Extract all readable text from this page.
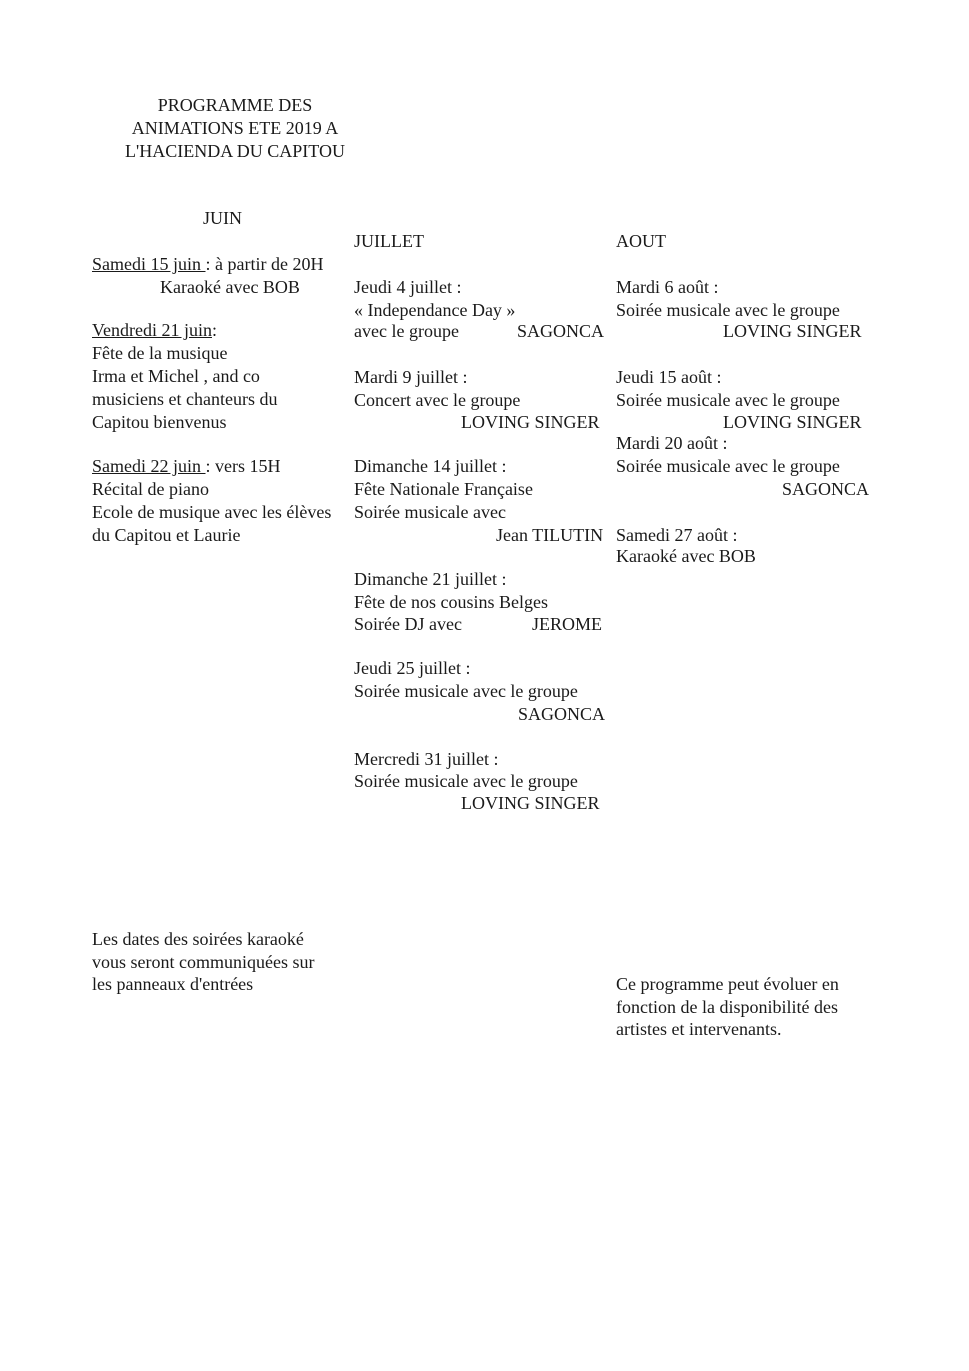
PROGRAMME DES
ANIMATIONS ETE 2019 A
L'HACIENDA DU CAPITOU
JUIN
Samedi 15 juin : à partir de 20H
Karaoké avec BOB
Vendredi 21 juin:
Fête de la musique
Irma et Michel , and co
musiciens et chanteurs du
Capitou bienvenus
Samedi 22 juin : vers 15H
Récital de piano
Ecole de musique avec les élèves
du Capitou et Laurie
JUILLET
Jeudi 4 juillet :
« Independance Day »
avec le groupe	SAGONCA
Mardi 9 juillet :
Concert avec le groupe
LOVING SINGER
Dimanche 14 juillet :
Fête Nationale Française
Soirée musicale avec
Jean TILUTIN
Dimanche 21 juillet :
Fête de nos cousins Belges
Soirée DJ avec	JEROME
Jeudi 25 juillet :
Soirée musicale avec le groupe
SAGONCA
Mercredi 31 juillet :
Soirée musicale avec le groupe
LOVING SINGER
AOUT
Mardi 6 août :
Soirée musicale avec le groupe
LOVING SINGER
Jeudi 15 août :
Soirée musicale avec le groupe
LOVING SINGER
Mardi 20 août :
Soirée musicale avec le groupe
SAGONCA
Samedi 27 août :
Karaoké avec BOB
Les dates des soirées karaoké
vous seront communiquées sur
les panneaux d'entrées	Ce programme peut évoluer en
fonction de la disponibilité des
artistes et intervenants.
